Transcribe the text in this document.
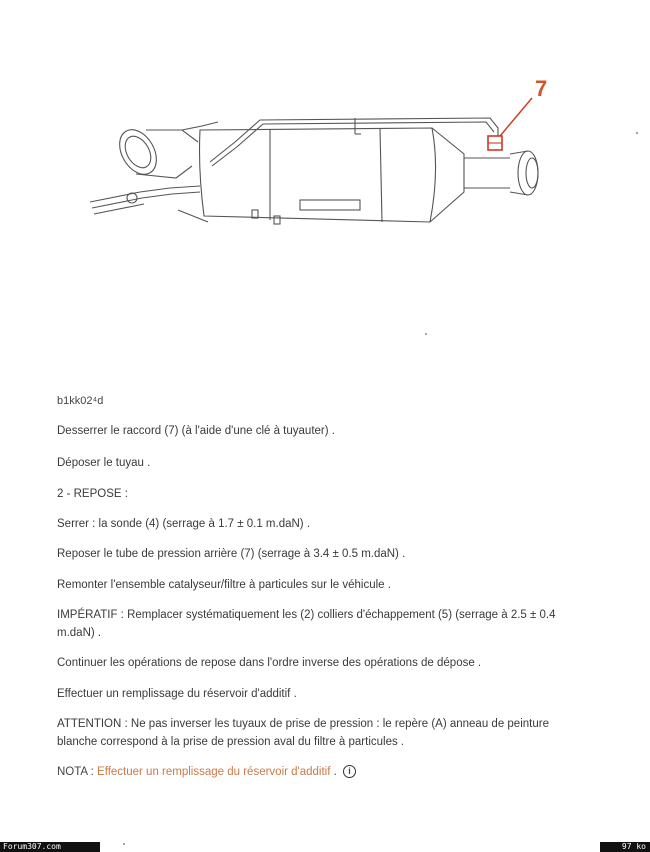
7
b1kk02⁴d
Desserrer le raccord (7) (à l'aide d'une clé à tuyauter) .
Déposer le tuyau .
2 - REPOSE :
Serrer : la sonde (4) (serrage à 1.7 ± 0.1 m.daN) .
Reposer le tube de pression arrière (7) (serrage à 3.4 ± 0.5 m.daN) .
Remonter l'ensemble catalyseur/filtre à particules sur le véhicule .
IMPÉRATIF : Remplacer systématiquement les (2) colliers d'échappement (5) (serrage à 2.5 ± 0.4
m.daN) .
Continuer les opérations de repose dans l'ordre inverse des opérations de dépose .
Effectuer un remplissage du réservoir d'additif .
ATTENTION : Ne pas inverser les tuyaux de prise de pression : le repère (A) anneau de peinture
blanche correspond à la prise de pression aval du filtre à particules .
NOTA : Effectuer un remplissage du réservoir d'additif . i
Forum307.com	97 ko
